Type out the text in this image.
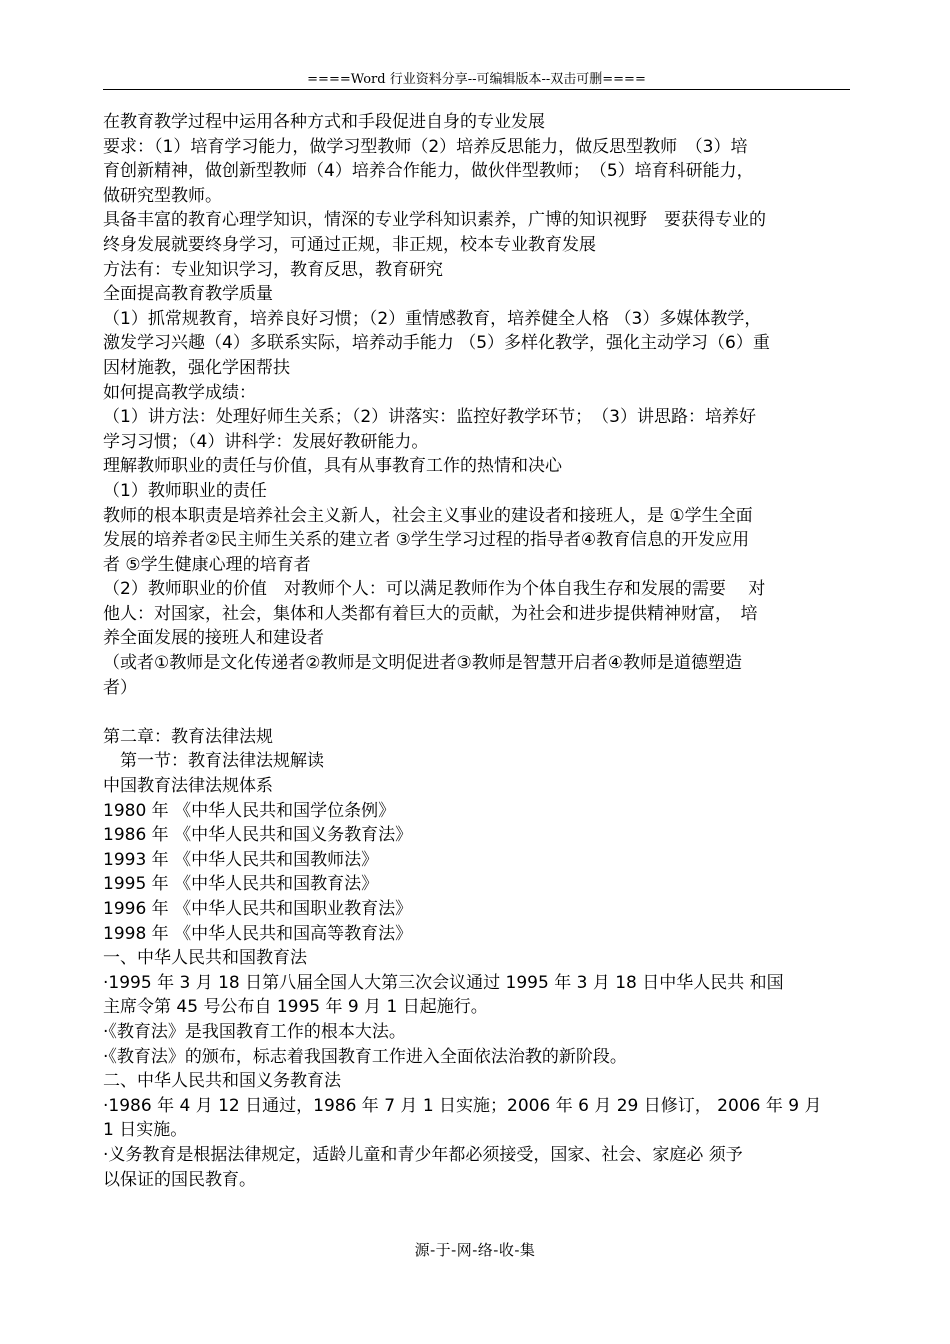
====Word 行业资料分享--可编辑版本--双击可删====
在教育教学过程中运用各种方式和手段促进自身的专业发展
要求：（1）培育学习能力，做学习型教师（2）培养反思能力，做反思型教师　（3）培
育创新精神，做创新型教师（4）培养合作能力，做伙伴型教师；　（5）培育科研能力，
做研究型教师。
具备丰富的教育心理学知识，情深的专业学科知识素养，广博的知识视野　要获得专业的
终身发展就要终身学习，可通过正规，非正规，校本专业教育发展
方法有：专业知识学习，教育反思，教育研究
全面提高教育教学质量
（1）抓常规教育，培养良好习惯；（2）重情感教育，培养健全人格 （3）多媒体教学，
激发学习兴趣（4）多联系实际，培养动手能力 （5）多样化教学，强化主动学习（6）重
因材施教，强化学困帮扶
如何提高教学成绩：
（1）讲方法：处理好师生关系；（2）讲落实：监控好教学环节；　（3）讲思路：培养好
学习习惯；（4）讲科学：发展好教研能力。
理解教师职业的责任与价值，具有从事教育工作的热情和决心
（1）教师职业的责任
教师的根本职责是培养社会主义新人，社会主义事业的建设者和接班人，是 ①学生全面
发展的培养者②民主师生关系的建立者 ③学生学习过程的指导者④教育信息的开发应用
者 ⑤学生健康心理的培育者
（2）教师职业的价值　对教师个人：可以满足教师作为个体自我生存和发展的需要　 对
他人：对国家，社会，集体和人类都有着巨大的贡献，为社会和进步提供精神财富，　培
养全面发展的接班人和建设者
（或者①教师是文化传递者②教师是文明促进者③教师是智慧开启者④教师是道德塑造
者）
第二章：教育法律法规
　第一节：教育法律法规解读
中国教育法律法规体系
1980 年 《中华人民共和国学位条例》
1986 年 《中华人民共和国义务教育法》
1993 年 《中华人民共和国教师法》
1995 年 《中华人民共和国教育法》
1996 年 《中华人民共和国职业教育法》
1998 年 《中华人民共和国高等教育法》
一、中华人民共和国教育法
·1995 年 3 月 18 日第八届全国人大第三次会议通过 1995 年 3 月 18 日中华人民共 和国
主席令第 45 号公布自 1995 年 9 月 1 日起施行。
·《教育法》是我国教育工作的根本大法。
·《教育法》的颁布，标志着我国教育工作进入全面依法治教的新阶段。
二、中华人民共和国义务教育法
·1986 年 4 月 12 日通过，1986 年 7 月 1 日实施；2006 年 6 月 29 日修订， 2006 年 9 月
1 日实施。
·义务教育是根据法律规定，适龄儿童和青少年都必须接受，国家、社会、家庭必 须予
以保证的国民教育。
源-于-网-络-收-集
